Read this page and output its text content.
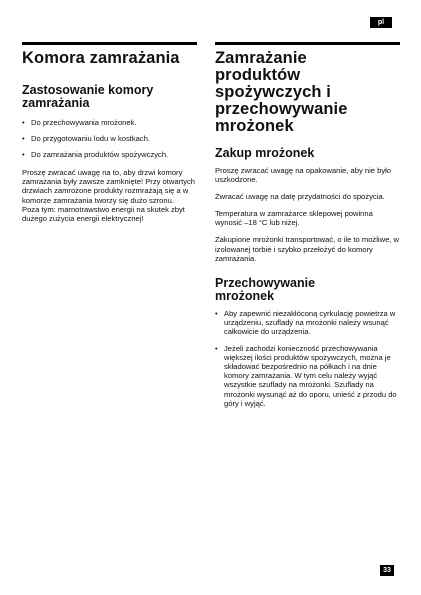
pl
Komora zamrażania
Zastosowanie komory zamrażania
• Do przechowywania mrożonek.
• Do przygotowaniu lodu w kostkach.
• Do zamrażania produktów spożywczych.

Proszę zwracać uwagę na to, aby drzwi komory zamrażania były zawsze zamknięte! Przy otwartych drzwiach zamrożone produkty rozmrażają się a w komorze zamrażania tworzy się dużo szronu.

Poza tym: marnotrawstwo energii na skutek zbyt dużego zużycia energii elektrycznej!

Zamrażanie produktów spożywczych i przechowywanie mrożonek
Zakup mrożonek

Proszę zwracać uwagę na opakowanie, aby nie było uszkodzone.

Zwracać uwagę na datę przydatności do spożycia.

Temperatura w zamrażarce sklepowej powinna wynosić –18 °C lub niżej.

Zakupione mrożonki transportować, o ile to możliwe, w izolowanej torbie i szybko przełożyć do komory zamrażania.

Przechowywanie mrożonek
• Aby zapewnić niezakłóconą cyrkulację powietrza w urządzeniu, szuflady na mrożonki należy wsunąć całkowicie do urządzenia.
• Jeżeli zachodzi konieczność przechowywania większej ilości produktów spożywczych, można je składować bezpośrednio na półkach i na dnie komory zamrażania. W tym celu należy wyjąć wszystkie szuflady na mrożonki. Szuflady na mrożonki wysunąć aż do oporu, unieść z przodu do góry i wyjąć.
33
